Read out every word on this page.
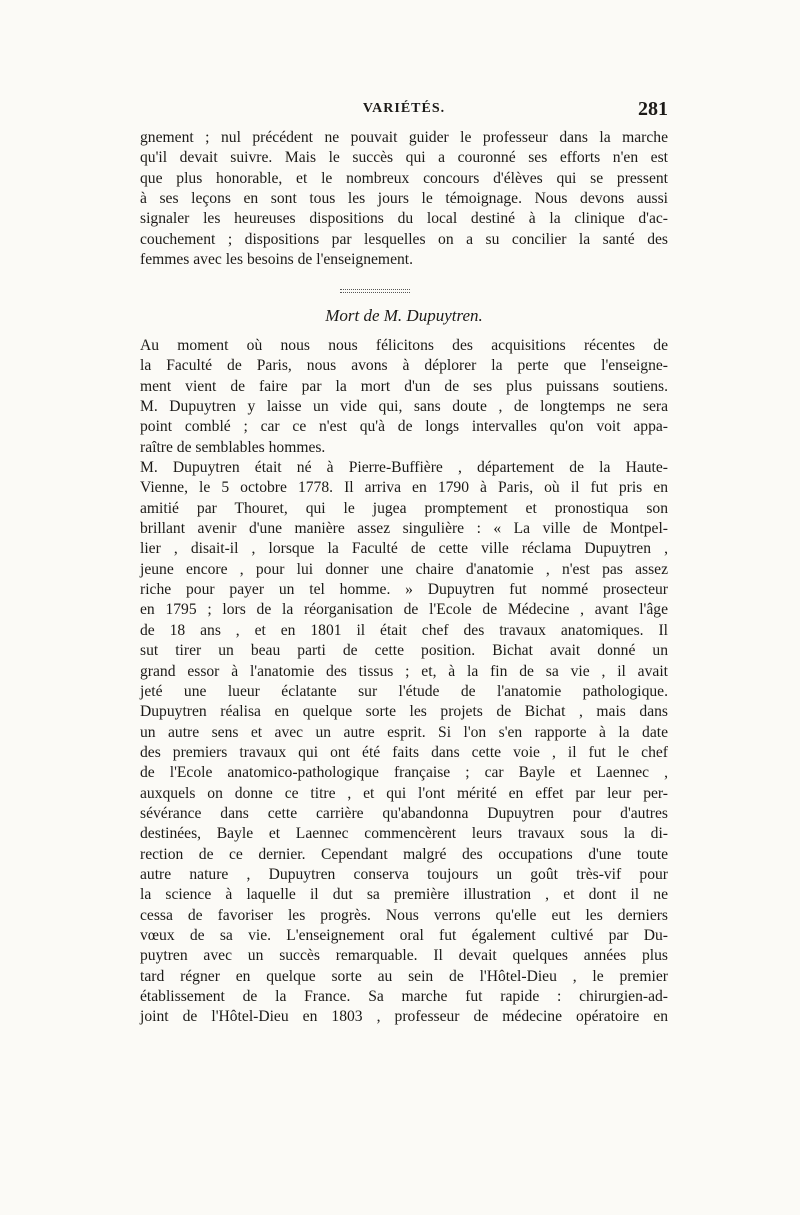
VARIÉTÉS.	281

gnement ; nul précédent ne pouvait guider le professeur dans la marche

qu'il devait suivre. Mais le succès qui a couronné ses efforts n'en est

que plus honorable, et le nombreux concours d'élèves qui se pressent

à ses leçons en sont tous les jours le témoignage. Nous devons aussi

signaler les heureuses dispositions du local destiné à la clinique d'ac-

couchement ; dispositions par lesquelles on a su concilier la santé des

femmes avec les besoins de l'enseignement.

Mort de M. Dupuytren.

Au moment où nous nous félicitons des acquisitions récentes de

la Faculté de Paris, nous avons à déplorer la perte que l'enseigne-

ment vient de faire par la mort d'un de ses plus puissans soutiens.

M. Dupuytren y laisse un vide qui, sans doute , de longtemps ne sera

point comblé ; car ce n'est qu'à de longs intervalles qu'on voit appa-

raître de semblables hommes.

M. Dupuytren était né à Pierre-Buffière , département de la Haute-

Vienne, le 5 octobre 1778. Il arriva en 1790 à Paris, où il fut pris en

amitié par Thouret, qui le jugea promptement et pronostiqua son

brillant avenir d'une manière assez singulière : « La ville de Montpel-

lier , disait-il , lorsque la Faculté de cette ville réclama Dupuytren ,

jeune encore , pour lui donner une chaire d'anatomie , n'est pas assez

riche pour payer un tel homme. » Dupuytren fut nommé prosecteur

en 1795 ; lors de la réorganisation de l'Ecole de Médecine , avant l'âge

de 18 ans , et en 1801 il était chef des travaux anatomiques. Il

sut tirer un beau parti de cette position. Bichat avait donné un

grand essor à l'anatomie des tissus ; et, à la fin de sa vie , il avait

jeté une lueur éclatante sur l'étude de l'anatomie pathologique.

Dupuytren réalisa en quelque sorte les projets de Bichat , mais dans

un autre sens et avec un autre esprit. Si l'on s'en rapporte à la date

des premiers travaux qui ont été faits dans cette voie , il fut le chef

de l'Ecole anatomico-pathologique française ; car Bayle et Laennec ,

auxquels on donne ce titre , et qui l'ont mérité en effet par leur per-

sévérance dans cette carrière qu'abandonna Dupuytren pour d'autres

destinées, Bayle et Laennec commencèrent leurs travaux sous la di-

rection de ce dernier. Cependant malgré des occupations d'une toute

autre nature , Dupuytren conserva toujours un goût très-vif pour

la science à laquelle il dut sa première illustration , et dont il ne

cessa de favoriser les progrès. Nous verrons qu'elle eut les derniers

vœux de sa vie. L'enseignement oral fut également cultivé par Du-

puytren avec un succès remarquable. Il devait quelques années plus

tard régner en quelque sorte au sein de l'Hôtel-Dieu , le premier

établissement de la France. Sa marche fut rapide : chirurgien-ad-

joint de l'Hôtel-Dieu en 1803 , professeur de médecine opératoire en
